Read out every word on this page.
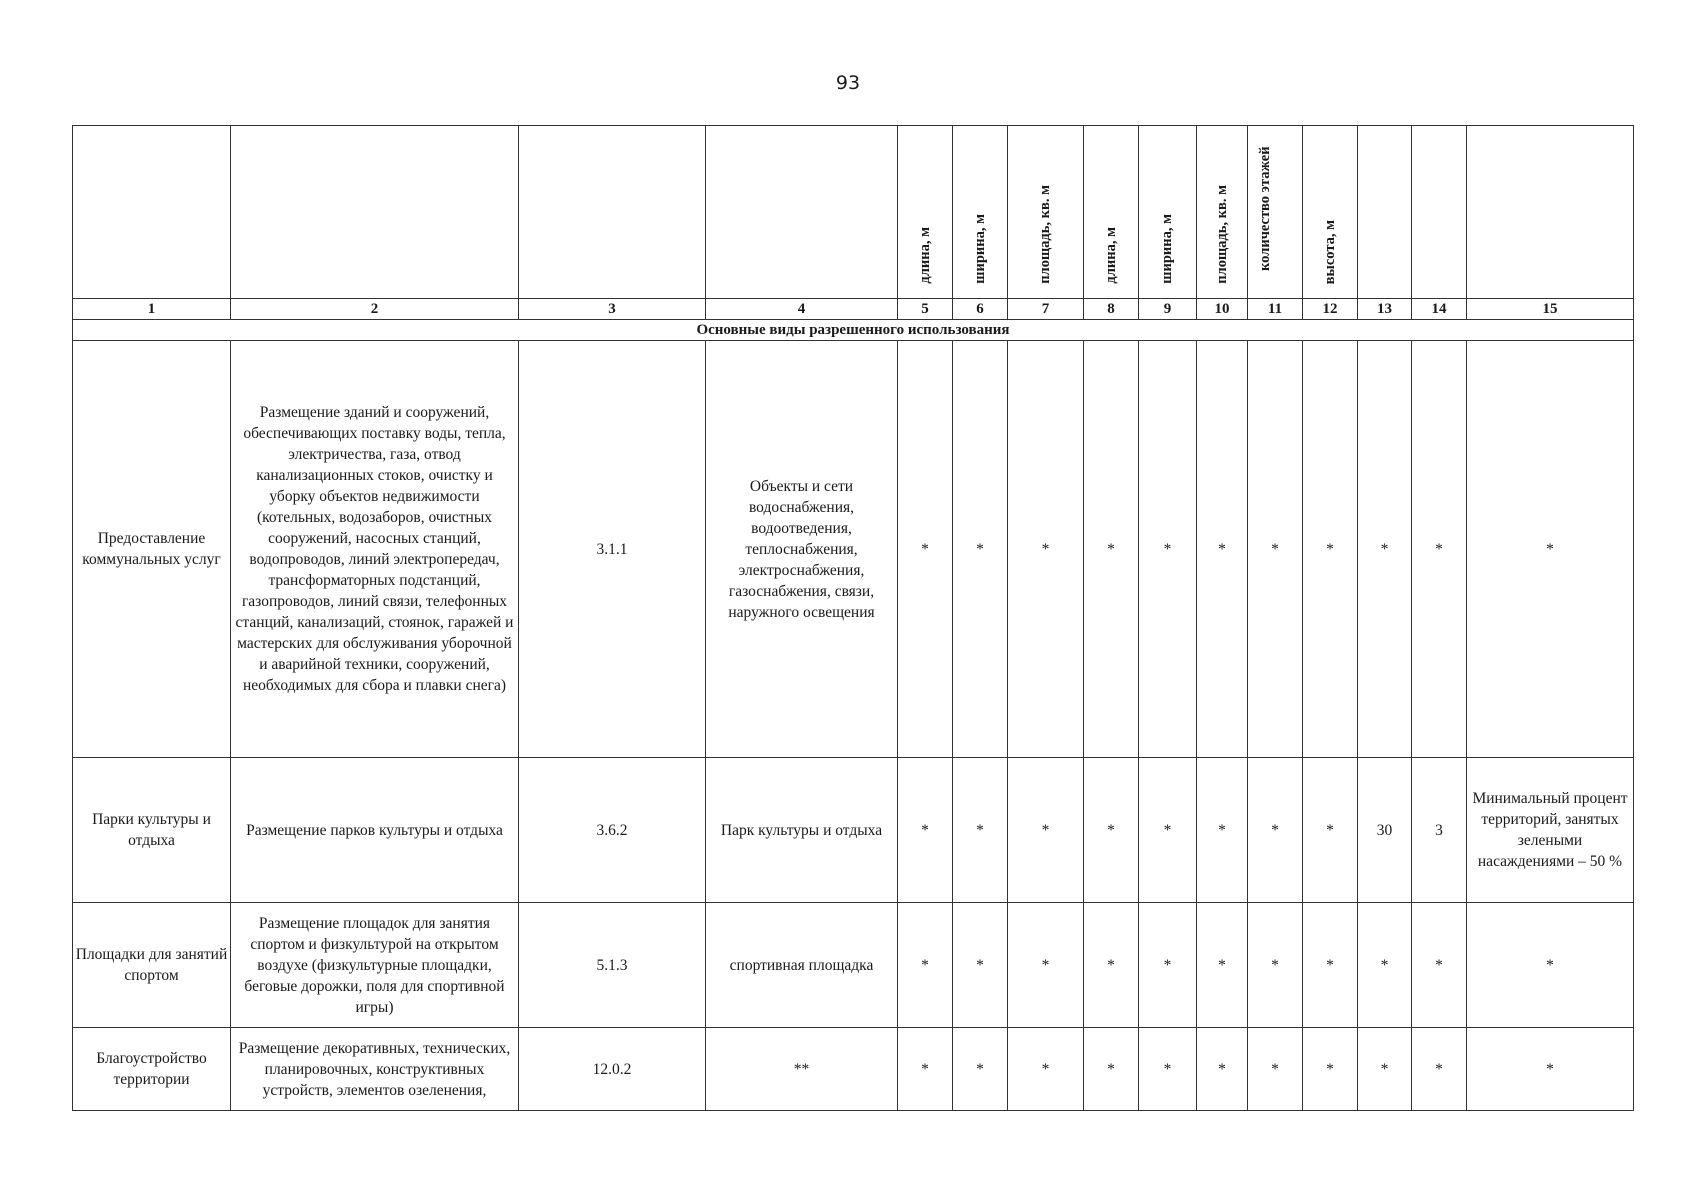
93
				длина, м	ширина, м	площадь, кв. м	длина, м	ширина, м	площадь, кв. м	количество этажей	высота, м			
1	2	3	4	5	6	7	8	9	10	11	12	13	14	15
Основные виды разрешенного использования														
Предоставление коммунальных услуг	Размещение зданий и сооружений, обеспечивающих поставку воды, тепла, электричества, газа, отвод канализационных стоков, очистку и уборку объектов недвижимости (котельных, водозаборов, очистных сооружений, насосных станций, водопроводов, линий электропередач, трансформаторных подстанций, газопроводов, линий связи, телефонных станций, канализаций, стоянок, гаражей и мастерских для обслуживания уборочной и аварийной техники, сооружений, необходимых для сбора и плавки снега)	3.1.1	Объекты и сети водоснабжения, водоотведения, теплоснабжения, электроснабжения, газоснабжения, связи, наружного освещения	*	*	*	*	*	*	*	*	*	*	*
Парки культуры и отдыха	Размещение парков культуры и отдыха	3.6.2	Парк культуры и отдыха	*	*	*	*	*	*	*	*	30	3	Минимальный процент территорий, занятых зелеными насаждениями – 50 %
Площадки для занятий спортом	Размещение площадок для занятия спортом и физкультурой на открытом воздухе (физкультурные площадки, беговые дорожки, поля для спортивной игры)	5.1.3	спортивная площадка	*	*	*	*	*	*	*	*	*	*	*
Благоустройство территории	Размещение декоративных, технических, планировочных, конструктивных устройств, элементов озеленения,	12.0.2	**	*	*	*	*	*	*	*	*	*	*	*
